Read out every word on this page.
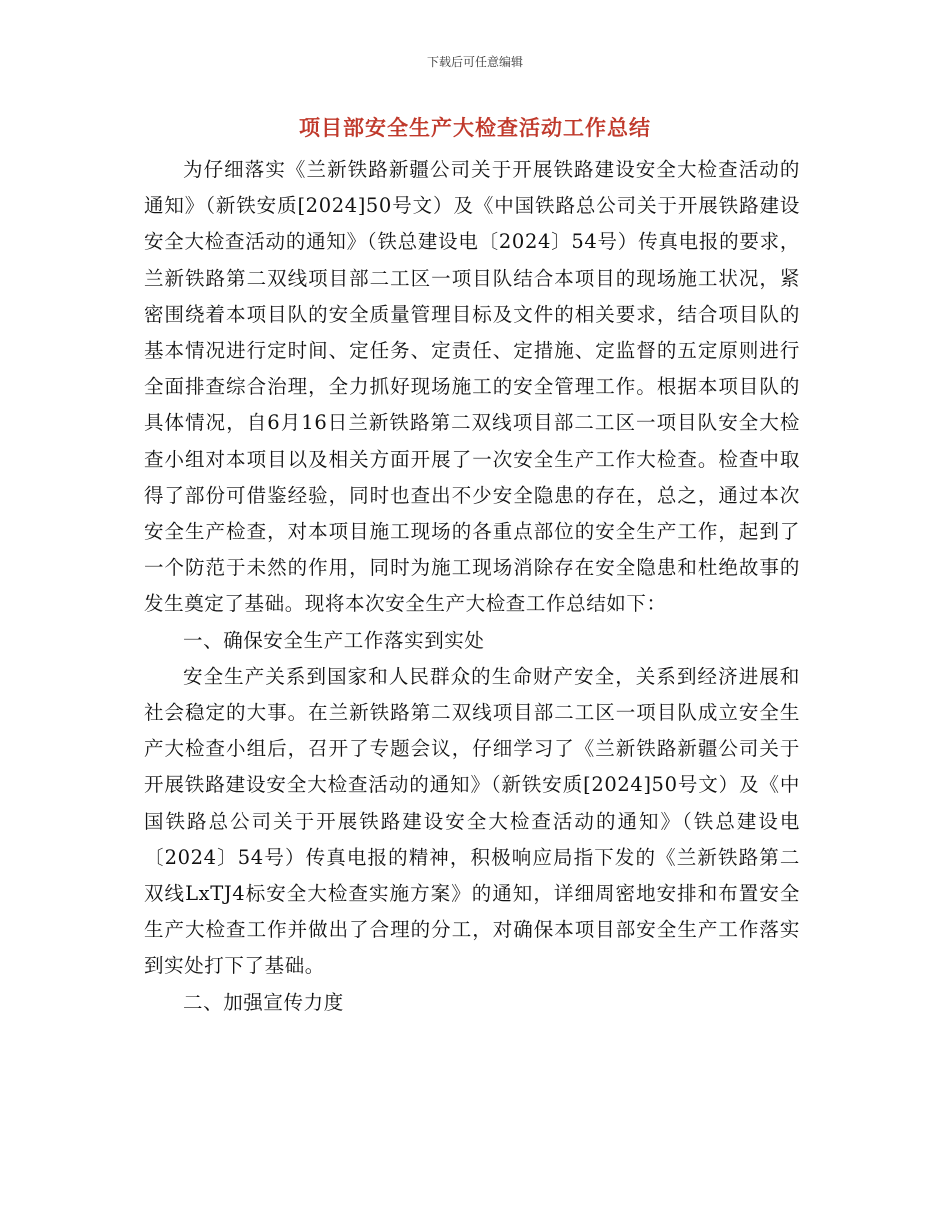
下载后可任意编辑
项目部安全生产大检查活动工作总结

为仔细落实《兰新铁路新疆公司关于开展铁路建设安全大检查活动的通知》（新铁安质[2024]50号文）及《中国铁路总公司关于开展铁路建设安全大检查活动的通知》（铁总建设电〔2024〕54号）传真电报的要求，兰新铁路第二双线项目部二工区一项目队结合本项目的现场施工状况，紧密围绕着本项目队的安全质量管理目标及文件的相关要求，结合项目队的基本情况进行定时间、定任务、定责任、定措施、定监督的五定原则进行全面排查综合治理，全力抓好现场施工的安全管理工作。根据本项目队的具体情况，自6月16日兰新铁路第二双线项目部二工区一项目队安全大检查小组对本项目以及相关方面开展了一次安全生产工作大检查。检查中取得了部份可借鉴经验，同时也查出不少安全隐患的存在，总之，通过本次安全生产检查，对本项目施工现场的各重点部位的安全生产工作，起到了一个防范于未然的作用，同时为施工现场消除存在安全隐患和杜绝故事的发生奠定了基础。现将本次安全生产大检查工作总结如下：

一、确保安全生产工作落实到实处

安全生产关系到国家和人民群众的生命财产安全，关系到经济进展和社会稳定的大事。在兰新铁路第二双线项目部二工区一项目队成立安全生产大检查小组后，召开了专题会议，仔细学习了《兰新铁路新疆公司关于开展铁路建设安全大检查活动的通知》（新铁安质[2024]50号文）及《中国铁路总公司关于开展铁路建设安全大检查活动的通知》（铁总建设电〔2024〕54号）传真电报的精神，积极响应局指下发的《兰新铁路第二双线LxTJ4标安全大检查实施方案》的通知，详细周密地安排和布置安全生产大检查工作并做出了合理的分工，对确保本项目部安全生产工作落实到实处打下了基础。

二、加强宣传力度
